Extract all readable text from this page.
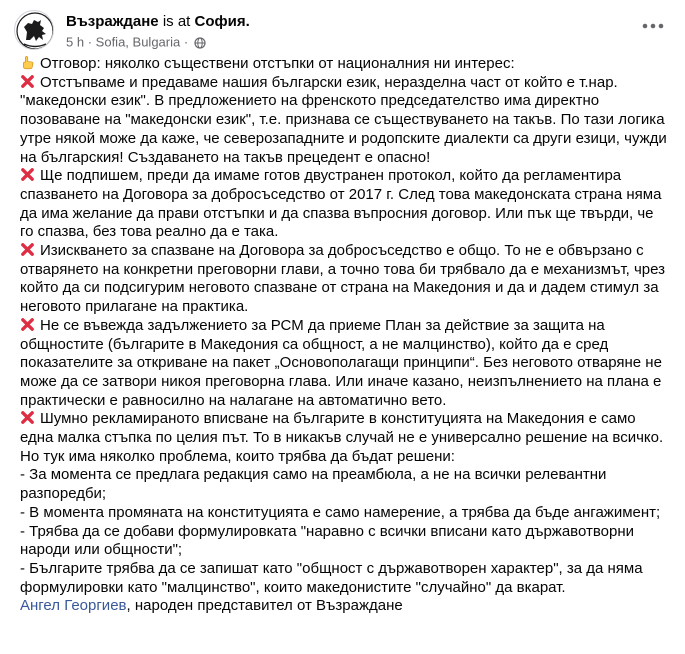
Възраждане is at София.
5 h · Sofia, Bulgaria ·
Отговор: няколко съществени отстъпки от националния ни интерес:
Отстъпваме и предаваме нашия български език, неразделна част от който е т.нар.
"македонски език". В предложението на френското председателство има директно
позоваване на "македонски език", т.е. признава се съществуването на такъв. По тази логика
утре някой може да каже, че северозападните и родопските диалекти са други езици, чужди
на българския! Създаването на такъв прецедент е опасно!
Ще подпишем, преди да имаме готов двустранен протокол, който да регламентира
спазването на Договора за добросъседство от 2017 г. След това македонската страна няма
да има желание да прави отстъпки и да спазва въпросния договор. Или пък ще твърди, че
го спазва, без това реално да е така.
Изискването за спазване на Договора за добросъседство е общо. То не е обвързано с
отварянето на конкретни преговорни глави, а точно това би трябвало да е механизмът, чрез
който да си подсигурим неговото спазване от страна на Македония и да и дадем стимул за
неговото прилагане на практика.
Не се въвежда задължението за РСМ да приеме План за действие за защита на
общностите (българите в Македония са общност, а не малцинство), който да е сред
показателите за откриване на пакет „Основополагащи принципи“. Без неговото отваряне не
може да се затвори никоя преговорна глава. Или иначе казано, неизпълнението на плана е
практически е равносилно на налагане на автоматично вето.
Шумно рекламираното вписване на българите в конституцията на Македония е само
една малка стъпка по целия път. То в никакъв случай не е универсално решение на всичко.
Но тук има няколко проблема, които трябва да бъдат решени:
- За момента се предлага редакция само на преамбюла, а не на всички релевантни
разпоредби;
- В момента промяната на конституцията е само намерение, а трябва да бъде ангажимент;
- Трябва да се добави формулировката "наравно с всички вписани като държавотворни
народи или общности";
- Българите трябва да се запишат като "общност с държавотворен характер", за да няма
формулировки като "малцинство", които македонистите "случайно" да вкарат.
Ангел Георгиев, народен представител от Възраждане
